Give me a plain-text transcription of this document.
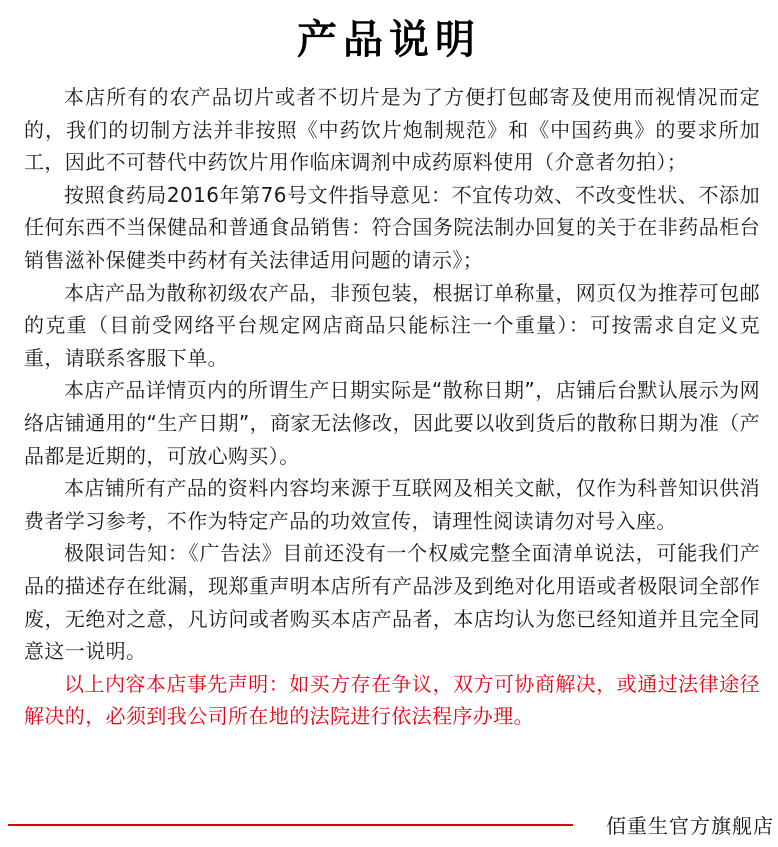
产品说明

本店所有的农产品切片或者不切片是为了方便打包邮寄及使用而视情况而定的，我们的切制方法并非按照《中药饮片炮制规范》和《中国药典》的要求所加工，因此不可替代中药饮片用作临床调剂中成药原料使用（介意者勿拍）；

按照食药局2016年第76号文件指导意见：不宜传功效、不改变性状、不添加任何东西不当保健品和普通食品销售：符合国务院法制办回复的关于在非药品柜台销售滋补保健类中药材有关法律适用问题的请示》；

本店产品为散称初级农产品，非预包装，根据订单称量，网页仅为推荐可包邮的克重（目前受网络平台规定网店商品只能标注一个重量）：可按需求自定义克重，请联系客服下单。

本店产品详情页内的所谓生产日期实际是“散称日期”，店铺后台默认展示为网络店铺通用的“生产日期”，商家无法修改，因此要以收到货后的散称日期为准（产品都是近期的，可放心购买）。

本店铺所有产品的资料内容均来源于互联网及相关文献，仅作为科普知识供消费者学习参考，不作为特定产品的功效宣传，请理性阅读请勿对号入座。

极限词告知：《广告法》目前还没有一个权威完整全面清单说法，可能我们产品的描述存在纰漏，现郑重声明本店所有产品涉及到绝对化用语或者极限词全部作废，无绝对之意，凡访问或者购买本店产品者，本店均认为您已经知道并且完全同意这一说明。

以上内容本店事先声明：如买方存在争议，双方可协商解决，或通过法律途径解决的，必须到我公司所在地的法院进行依法程序办理。

佰重生官方旗舰店
